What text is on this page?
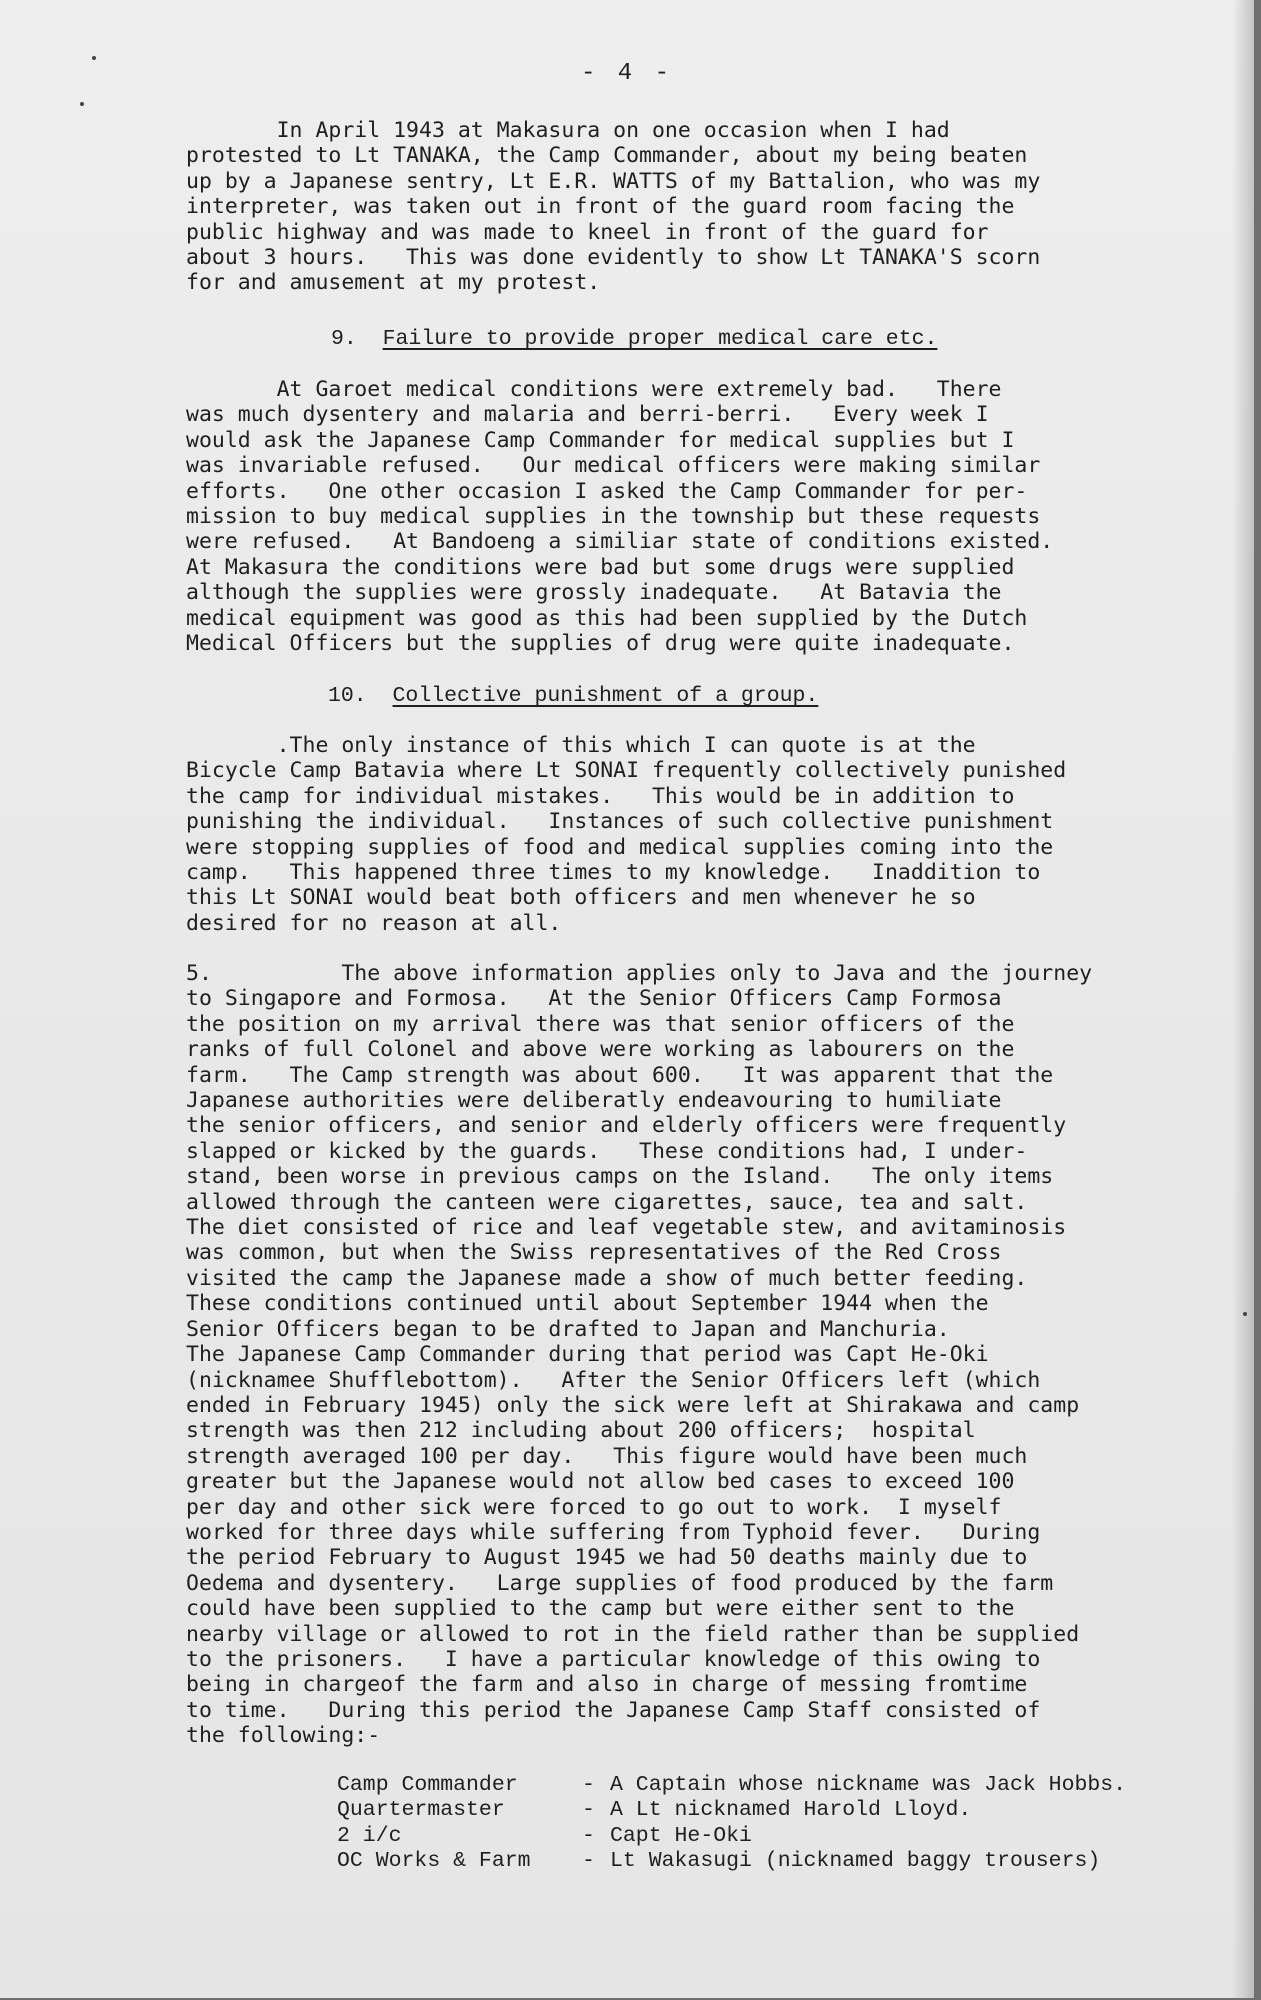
- 4 -
In April 1943 at Makasura on one occasion when I had
protested to Lt TANAKA, the Camp Commander, about my being beaten
up by a Japanese sentry, Lt E.R. WATTS of my Battalion, who was my
interpreter, was taken out in front of the guard room facing the
public highway and was made to kneel in front of the guard for
about 3 hours.   This was done evidently to show Lt TANAKA'S scorn
for and amusement at my protest.
9. Failure to provide proper medical care etc.
At Garoet medical conditions were extremely bad.   There
was much dysentery and malaria and berri-berri.   Every week I
would ask the Japanese Camp Commander for medical supplies but I
was invariable refused.   Our medical officers were making similar
efforts.   One other occasion I asked the Camp Commander for per-
mission to buy medical supplies in the township but these requests
were refused.   At Bandoeng a similiar state of conditions existed.
At Makasura the conditions were bad but some drugs were supplied
although the supplies were grossly inadequate.   At Batavia the
medical equipment was good as this had been supplied by the Dutch
Medical Officers but the supplies of drug were quite inadequate.
10. Collective punishment of a group.
.The only instance of this which I can quote is at the
Bicycle Camp Batavia where Lt SONAI frequently collectively punished
the camp for individual mistakes.   This would be in addition to
punishing the individual.   Instances of such collective punishment
were stopping supplies of food and medical supplies coming into the
camp.   This happened three times to my knowledge.   Inaddition to
this Lt SONAI would beat both officers and men whenever he so
desired for no reason at all.
5.          The above information applies only to Java and the journey
to Singapore and Formosa.   At the Senior Officers Camp Formosa
the position on my arrival there was that senior officers of the
ranks of full Colonel and above were working as labourers on the
farm.   The Camp strength was about 600.   It was apparent that the
Japanese authorities were deliberatly endeavouring to humiliate
the senior officers, and senior and elderly officers were frequently
slapped or kicked by the guards.   These conditions had, I under-
stand, been worse in previous camps on the Island.   The only items
allowed through the canteen were cigarettes, sauce, tea and salt.
The diet consisted of rice and leaf vegetable stew, and avitaminosis
was common, but when the Swiss representatives of the Red Cross
visited the camp the Japanese made a show of much better feeding.
These conditions continued until about September 1944 when the
Senior Officers began to be drafted to Japan and Manchuria.
The Japanese Camp Commander during that period was Capt He-Oki
(nicknamee Shufflebottom).   After the Senior Officers left (which
ended in February 1945) only the sick were left at Shirakawa and camp
strength was then 212 including about 200 officers;  hospital
strength averaged 100 per day.   This figure would have been much
greater but the Japanese would not allow bed cases to exceed 100
per day and other sick were forced to go out to work.  I myself
worked for three days while suffering from Typhoid fever.   During
the period February to August 1945 we had 50 deaths mainly due to
Oedema and dysentery.   Large supplies of food produced by the farm
could have been supplied to the camp but were either sent to the
nearby village or allowed to rot in the field rather than be supplied
to the prisoners.   I have a particular knowledge of this owing to
being in chargeof the farm and also in charge of messing fromtime
to time.   During this period the Japanese Camp Staff consisted of
the following:-
Camp Commander	-	A Captain whose nickname was Jack Hobbs.
Quartermaster	-	A Lt nicknamed Harold Lloyd.
2 i/c	-	Capt He-Oki
OC Works & Farm	-	Lt Wakasugi (nicknamed baggy trousers)
